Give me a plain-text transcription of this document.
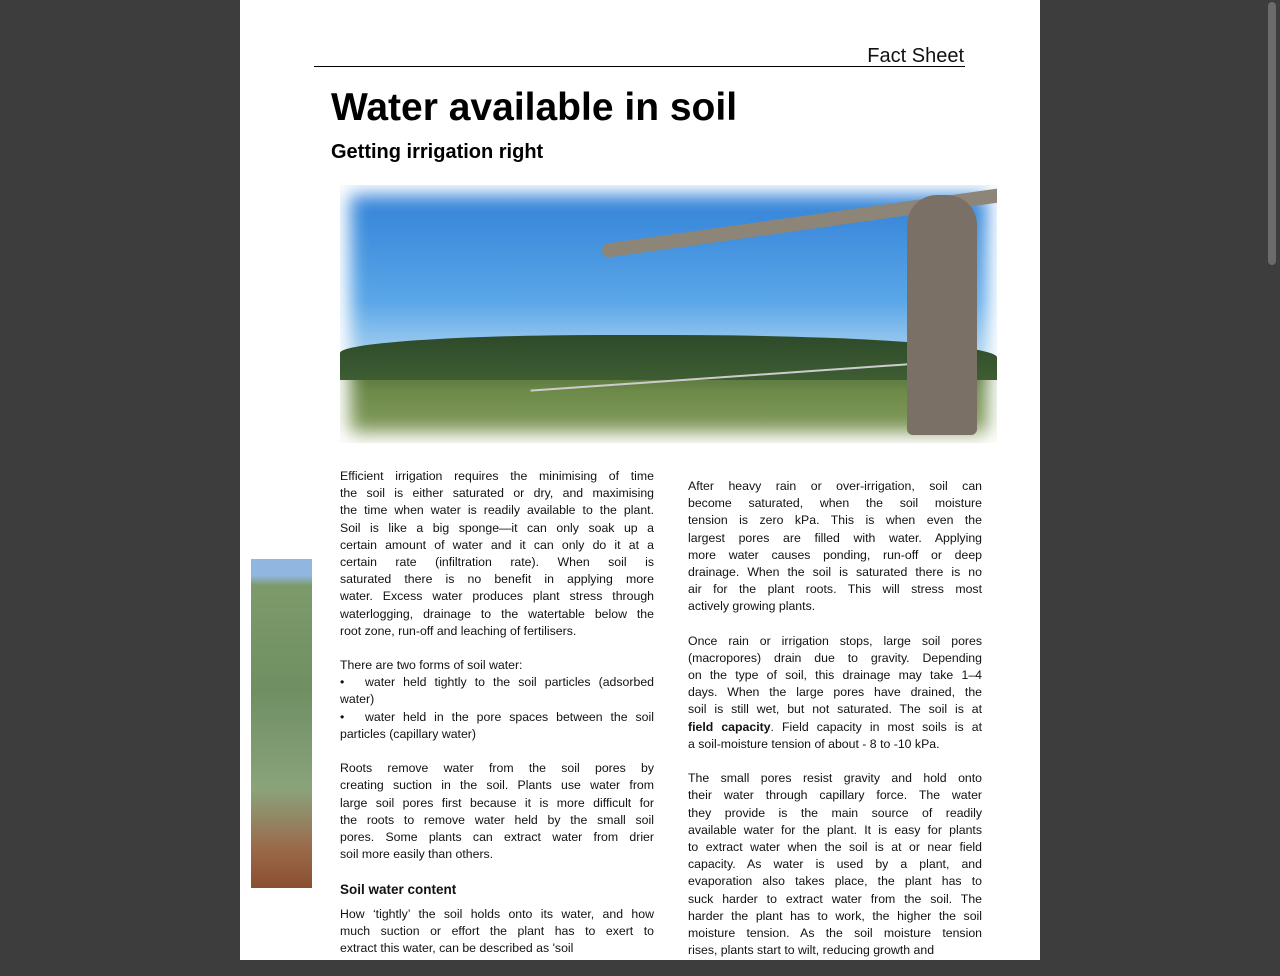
Fact Sheet
Water available in soil
Getting irrigation right
Efficient irrigation requires the minimising of time
the soil is either saturated or dry, and maximising
the time when water is readily available to the plant.
Soil is like a big sponge—it can only soak up a
certain amount of water and it can only do it at a
certain rate (infiltration rate). When soil is
saturated there is no benefit in applying more
water. Excess water produces plant stress through
waterlogging, drainage to the watertable below the
root zone, run-off and leaching of fertilisers.
There are two forms of soil water:
• water held tightly to the soil particles (adsorbed
water)
• water held in the pore spaces between the soil
particles (capillary water)
Roots remove water from the soil pores by
creating suction in the soil. Plants use water from
large soil pores first because it is more difficult for
the roots to remove water held by the small soil
pores. Some plants can extract water from drier
soil more easily than others.
Soil water content
How ‘tightly’ the soil holds onto its water, and how
much suction or effort the plant has to exert to
extract this water, can be described as 'soil
After heavy rain or over-irrigation, soil can
become saturated, when the soil moisture
tension is zero kPa. This is when even the
largest pores are filled with water. Applying
more water causes ponding, run-off or deep
drainage. When the soil is saturated there is no
air for the plant roots. This will stress most
actively growing plants.
Once rain or irrigation stops, large soil pores
(macropores) drain due to gravity. Depending
on the type of soil, this drainage may take 1–4
days. When the large pores have drained, the
soil is still wet, but not saturated. The soil is at
field capacity. Field capacity in most soils is at
a soil-moisture tension of about - 8 to -10 kPa.
The small pores resist gravity and hold onto
their water through capillary force. The water
they provide is the main source of readily
available water for the plant. It is easy for plants
to extract water when the soil is at or near field
capacity. As water is used by a plant, and
evaporation also takes place, the plant has to
suck harder to extract water from the soil. The
harder the plant has to work, the higher the soil
moisture tension. As the soil moisture tension
rises, plants start to wilt, reducing growth and
